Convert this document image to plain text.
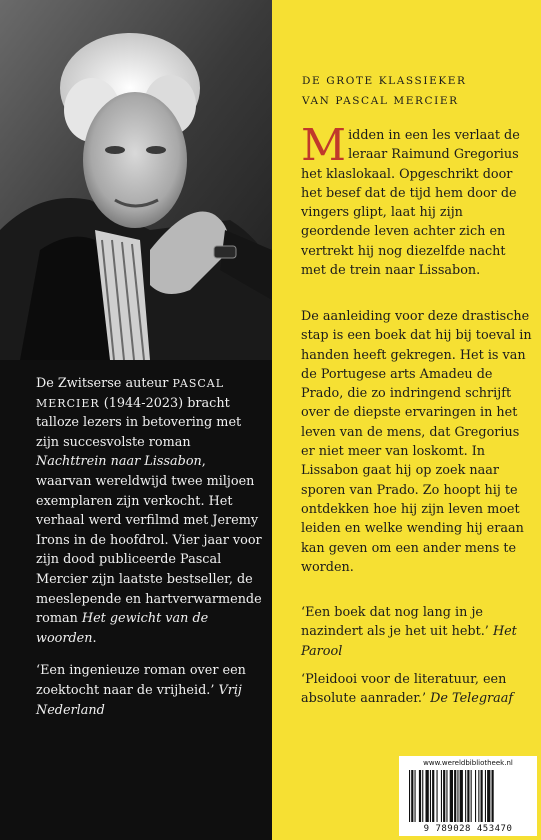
De Zwitserse auteur PASCAL MERCIER (1944-2023) bracht talloze lezers in betovering met zijn succesvolste roman Nachttrein naar Lissabon, waarvan wereldwijd twee miljoen exemplaren zijn verkocht. Het verhaal werd verfilmd met Jeremy Irons in de hoofdrol. Vier jaar voor zijn dood publiceerde Pascal Mercier zijn laatste bestseller, de meeslepende en hartverwarmende roman Het gewicht van de woorden.

‘Een ingenieuze roman over een zoektocht naar de vrijheid.’ Vrij Nederland

DE GROTE KLASSIEKER
VAN PASCAL MERCIER

Midden in een les verlaat de leraar Raimund Gregorius het klaslokaal. Opgeschrikt door het besef dat de tijd hem door de vingers glipt, laat hij zijn geordende leven achter zich en vertrekt hij nog diezelfde nacht met de trein naar Lissabon.

De aanleiding voor deze drastische stap is een boek dat hij bij toeval in handen heeft gekregen. Het is van de Portugese arts Amadeu de Prado, die zo indringend schrijft over de diepste ervaringen in het leven van de mens, dat Gregorius er niet meer van loskomt. In Lissabon gaat hij op zoek naar sporen van Prado. Zo hoopt hij te ontdekken hoe hij zijn leven moet leiden en welke wending hij eraan kan geven om een ander mens te worden.

‘Een boek dat nog lang in je nazindert als je het uit hebt.’ Het Parool

‘Pleidooi voor de literatuur, een absolute aanrader.’ De Telegraaf

www.wereldbibliotheek.nl
9 789028 453470
